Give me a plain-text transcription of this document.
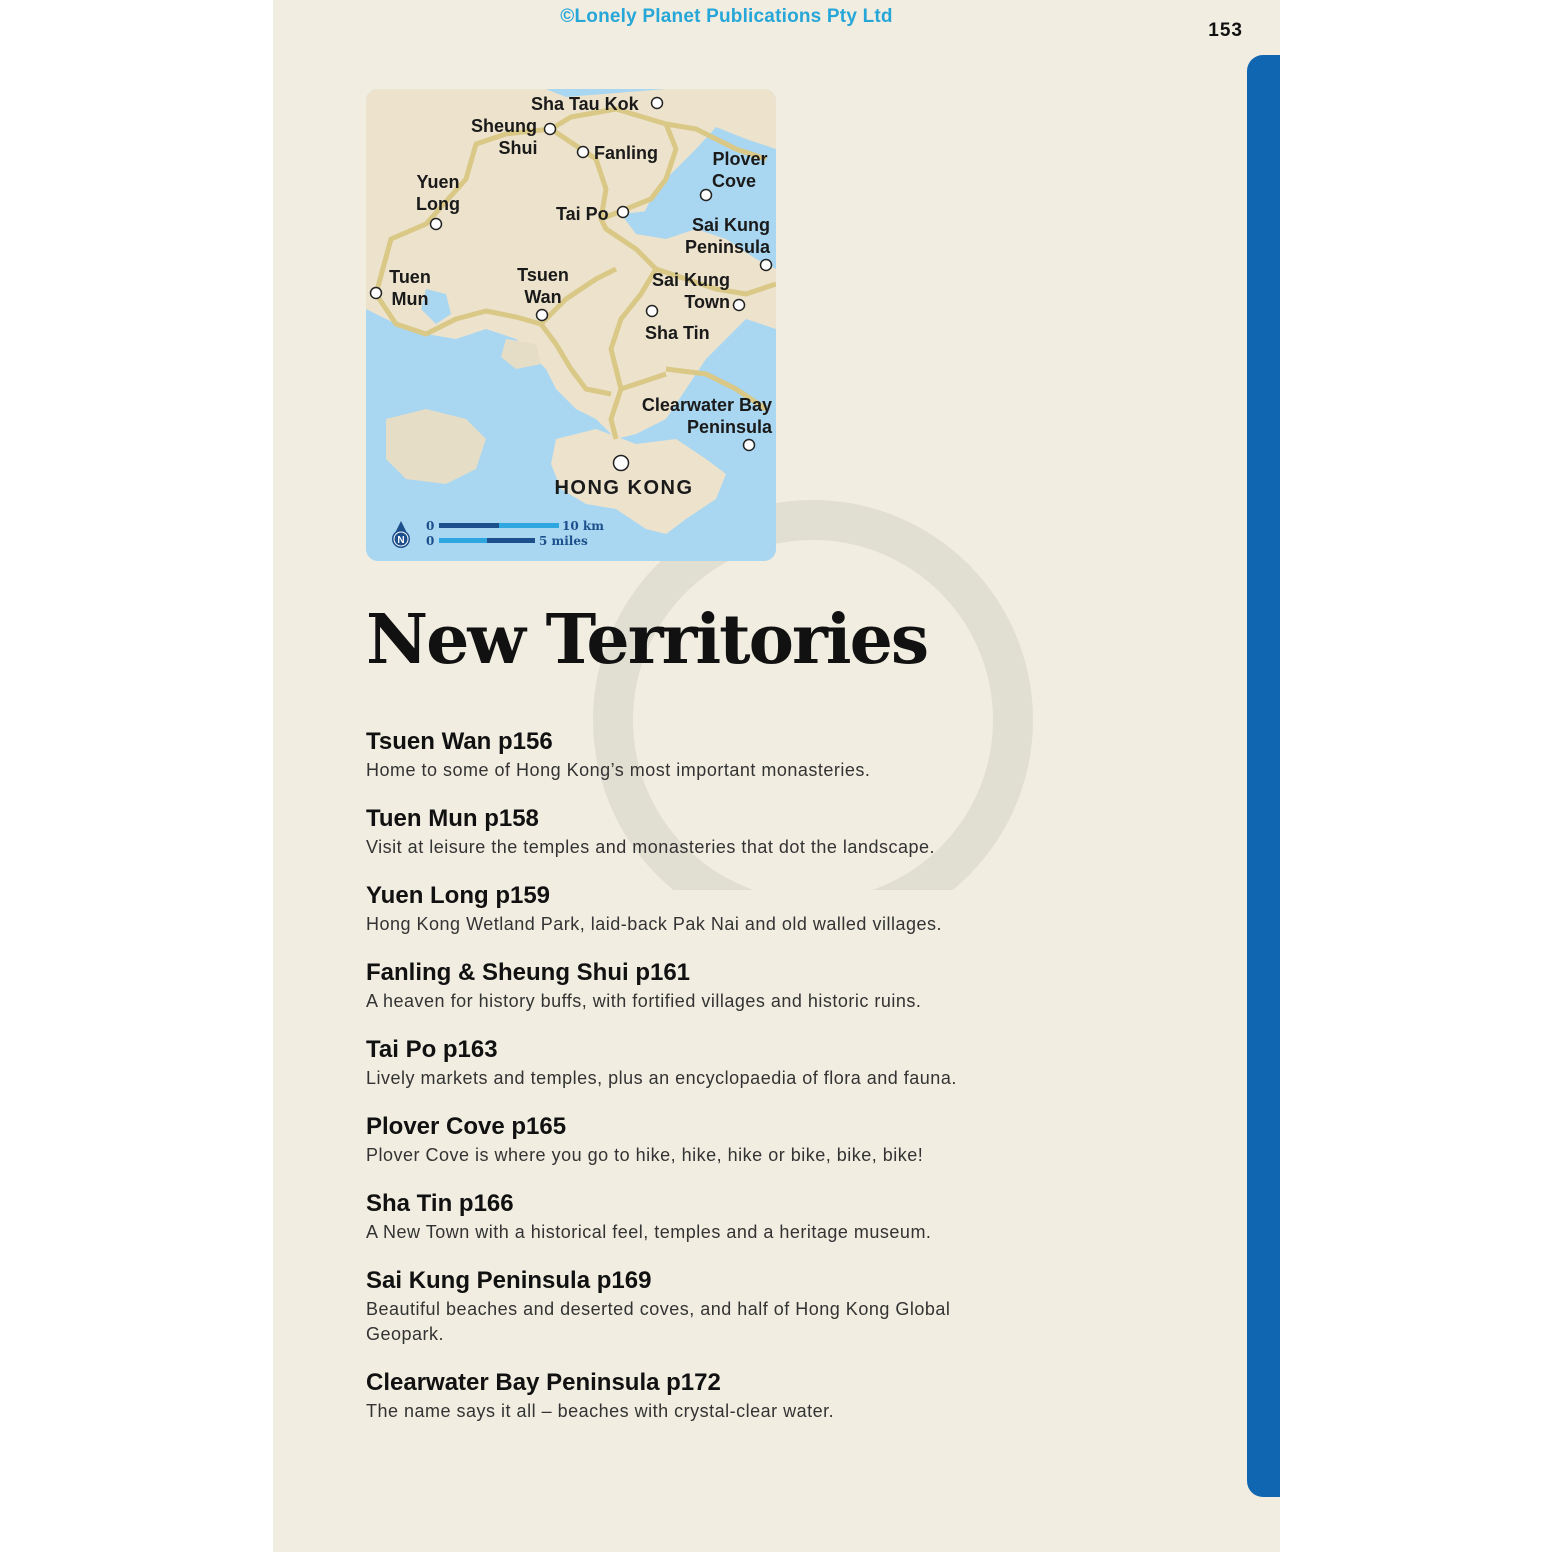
©Lonely Planet Publications Pty Ltd
153
Sha Tau Kok
Sheung Shui	Fanling	Plover Cove
Yuen Long	Tai Po
Sai Kung Peninsula
Tuen Mun
Tsuen Wan
Sai Kung Town
Sha Tin
Clearwater Bay Peninsula
HONG KONG
N
0	10 km
0	5 miles
New Territories
Tsuen Wan p156
Home to some of Hong Kong’s most important monasteries.
Tuen Mun p158
Visit at leisure the temples and monasteries that dot the landscape.
Yuen Long p159
Hong Kong Wetland Park, laid-back Pak Nai and old walled villages.
Fanling & Sheung Shui p161
A heaven for history buffs, with fortified villages and historic ruins.
Tai Po p163
Lively markets and temples, plus an encyclopaedia of flora and fauna.
Plover Cove p165
Plover Cove is where you go to hike, hike, hike or bike, bike, bike!
Sha Tin p166
A New Town with a historical feel, temples and a heritage museum.
Sai Kung Peninsula p169
Beautiful beaches and deserted coves, and half of Hong Kong Global Geopark.
Clearwater Bay Peninsula p172
The name says it all – beaches with crystal-clear water.
